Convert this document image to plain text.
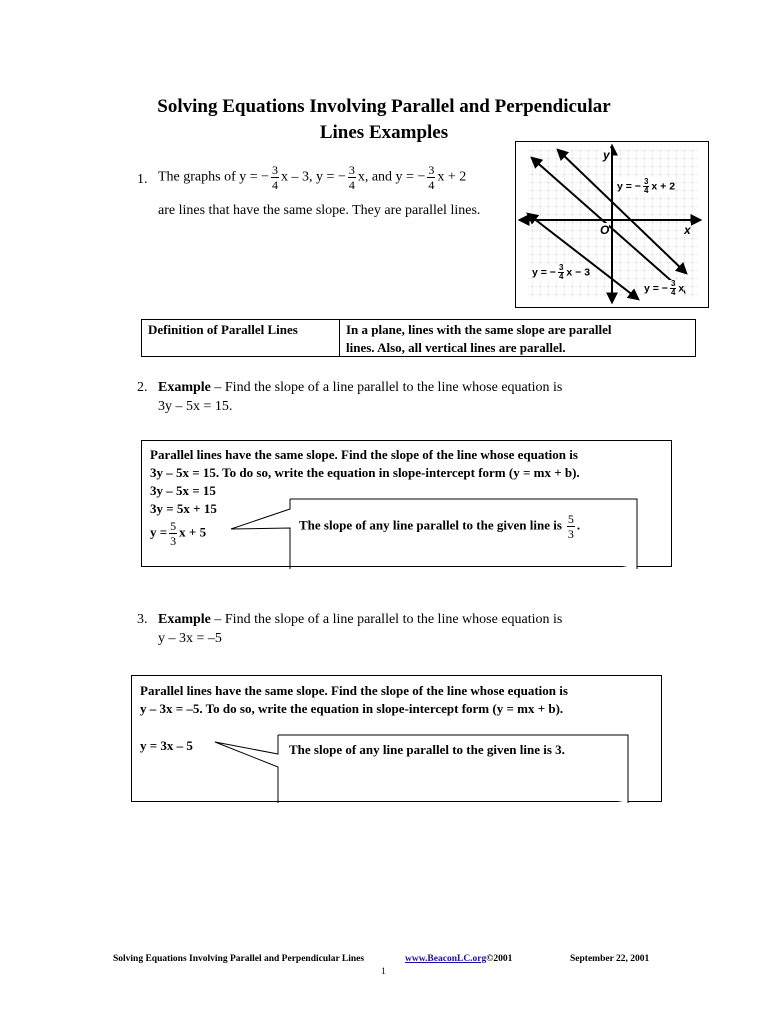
Solving Equations Involving Parallel and Perpendicular
Lines Examples
1. The graphs of y = − $\frac{3}{4}$ x – 3, y = − $\frac{3}{4} x$, and y = − $\frac{3}{4}$ x + 2
are lines that have the same slope. They are parallel lines.
y
x
O
y = − $\frac{3}{4}$ x + 2
y = − $\frac{3}{4}$ x − 3
y = − $\frac{3}{4}$ x
Definition of Parallel Lines	In a plane, lines with the same slope are parallel
lines. Also, all vertical lines are parallel.
2. Example – Find the slope of a line parallel to the line whose equation is
3y – 5x = 15.
Parallel lines have the same slope. Find the slope of the line whose equation is
3y – 5x = 15. To do so, write the equation in slope-intercept form (y = mx + b).
3y – 5x = 15
3y = 5x + 15
$y = \frac{5}{3}$ x + 5	The slope of any line parallel to the given line is $\frac{5}{3}$ .
3. Example – Find the slope of a line parallel to the line whose equation is
y – 3x = –5
Parallel lines have the same slope. Find the slope of the line whose equation is
y – 3x = –5. To do so, write the equation in slope-intercept form (y = mx + b).
y = 3x – 5	The slope of any line parallel to the given line is 3.
Solving Equations Involving Parallel and Perpendicular Lines	www.BeaconLC.org©2001	September 22, 2001
1
